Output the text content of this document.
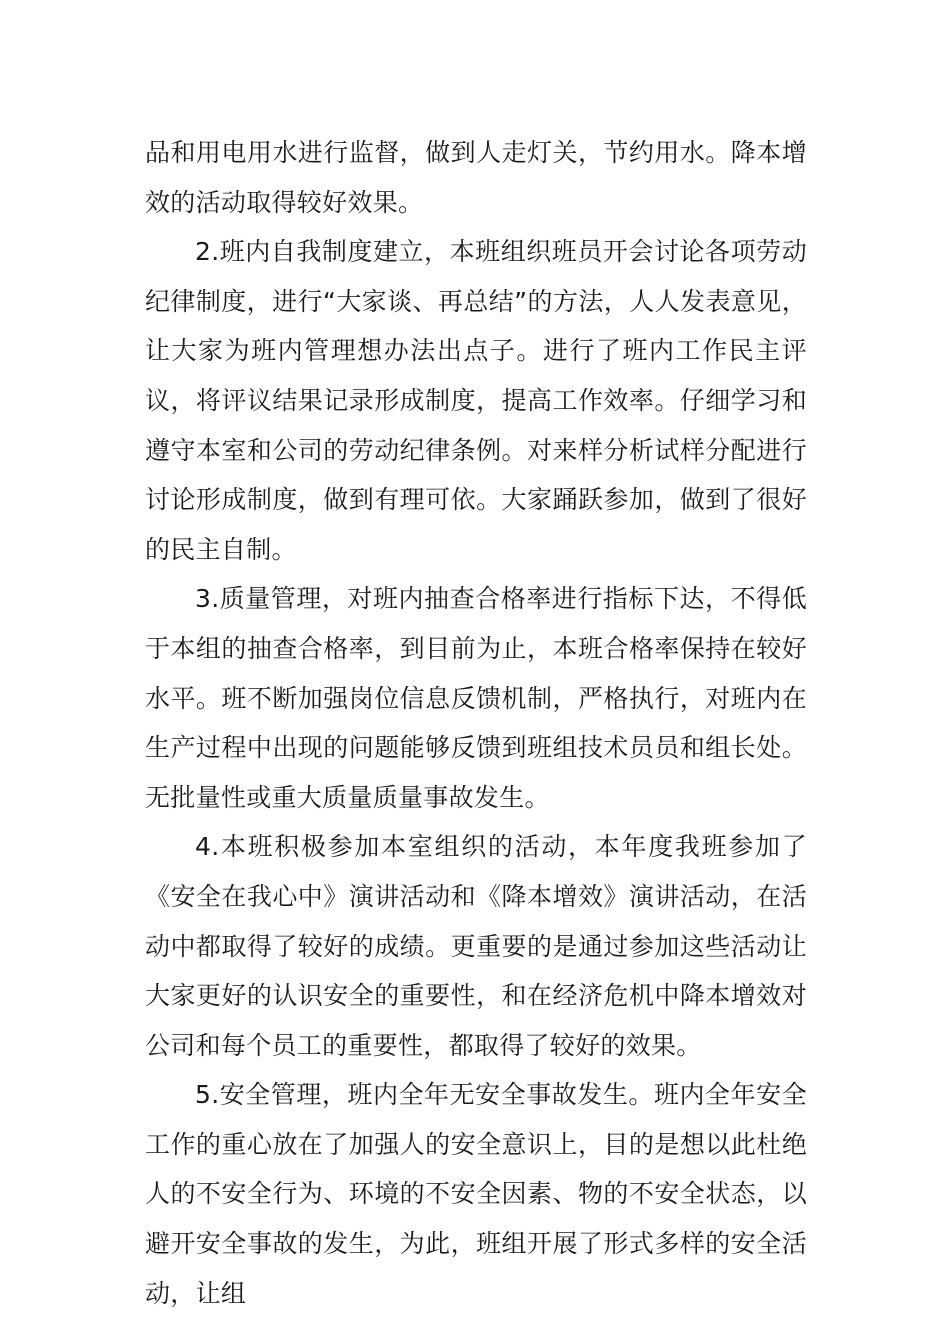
品和用电用水进行监督，做到人走灯关，节约用水。降本增效的活动取得较好效果。

2.班内自我制度建立，本班组织班员开会讨论各项劳动纪律制度，进行“大家谈、再总结”的方法，人人发表意见，让大家为班内管理想办法出点子。进行了班内工作民主评议，将评议结果记录形成制度，提高工作效率。仔细学习和遵守本室和公司的劳动纪律条例。对来样分析试样分配进行讨论形成制度，做到有理可依。大家踊跃参加，做到了很好的民主自制。

3.质量管理，对班内抽查合格率进行指标下达，不得低于本组的抽查合格率，到目前为止，本班合格率保持在较好水平。班不断加强岗位信息反馈机制，严格执行，对班内在生产过程中出现的问题能够反馈到班组技术员员和组长处。无批量性或重大质量质量事故发生。

4.本班积极参加本室组织的活动，本年度我班参加了《安全在我心中》演讲活动和《降本增效》演讲活动，在活动中都取得了较好的成绩。更重要的是通过参加这些活动让大家更好的认识安全的重要性，和在经济危机中降本增效对公司和每个员工的重要性，都取得了较好的效果。

5.安全管理，班内全年无安全事故发生。班内全年安全工作的重心放在了加强人的安全意识上，目的是想以此杜绝人的不安全行为、环境的不安全因素、物的不安全状态，以避开安全事故的发生，为此，班组开展了形式多样的安全活动，让组
